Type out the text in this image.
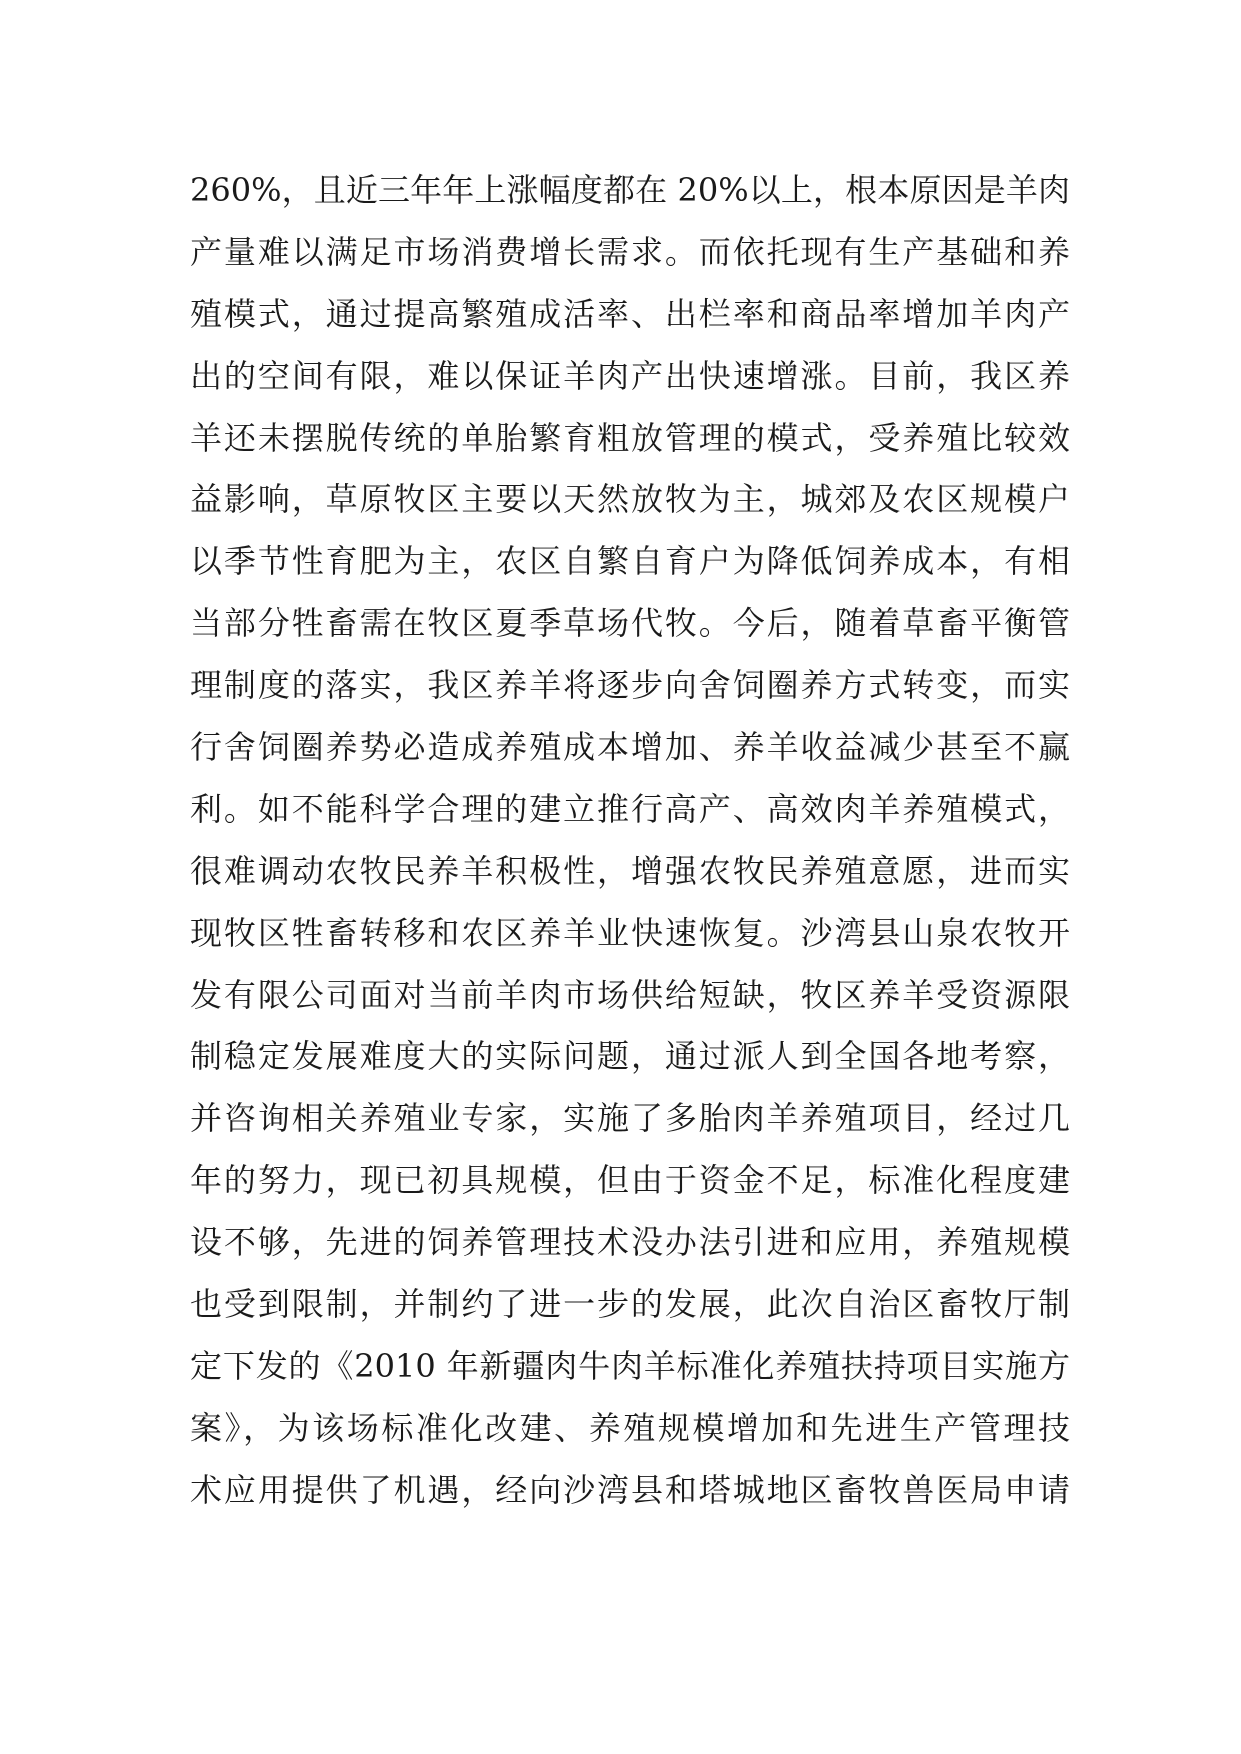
260%，且近三年年上涨幅度都在 20%以上，根本原因是羊肉
产量难以满足市场消费增长需求。而依托现有生产基础和养
殖模式，通过提高繁殖成活率、出栏率和商品率增加羊肉产
出的空间有限，难以保证羊肉产出快速增涨。目前，我区养
羊还未摆脱传统的单胎繁育粗放管理的模式，受养殖比较效
益影响，草原牧区主要以天然放牧为主，城郊及农区规模户
以季节性育肥为主，农区自繁自育户为降低饲养成本，有相
当部分牲畜需在牧区夏季草场代牧。今后，随着草畜平衡管
理制度的落实，我区养羊将逐步向舍饲圈养方式转变，而实
行舍饲圈养势必造成养殖成本增加、养羊收益减少甚至不赢
利。如不能科学合理的建立推行高产、高效肉羊养殖模式，
很难调动农牧民养羊积极性，增强农牧民养殖意愿，进而实
现牧区牲畜转移和农区养羊业快速恢复。沙湾县山泉农牧开
发有限公司面对当前羊肉市场供给短缺，牧区养羊受资源限
制稳定发展难度大的实际问题，通过派人到全国各地考察，
并咨询相关养殖业专家，实施了多胎肉羊养殖项目，经过几
年的努力，现已初具规模，但由于资金不足，标准化程度建
设不够，先进的饲养管理技术没办法引进和应用，养殖规模
也受到限制，并制约了进一步的发展，此次自治区畜牧厅制
定下发的《2010 年新疆肉牛肉羊标准化养殖扶持项目实施方
案》，为该场标准化改建、养殖规模增加和先进生产管理技
术应用提供了机遇，经向沙湾县和塔城地区畜牧兽医局申请
